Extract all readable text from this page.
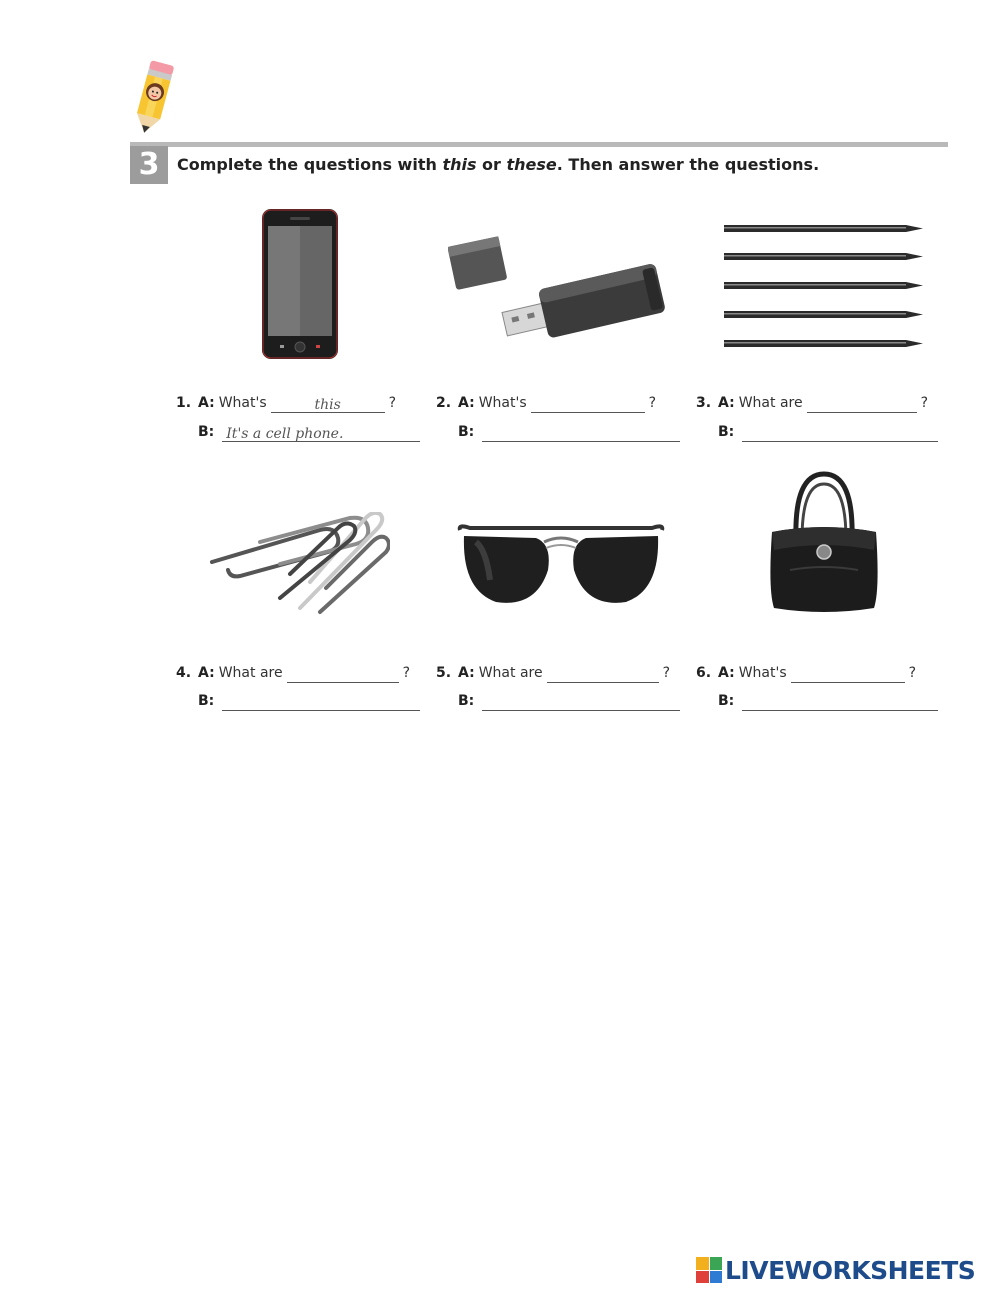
3	Complete the questions with this or these. Then answer the questions.
1. A: What's	this	?
B: It's a cell phone.
2. A: What's	?
B:
3. A: What are	?
B:
4. A: What are	?
B:
5. A: What are	?
B:
6. A: What's	?
B:
LIVEWORKSHEETS
